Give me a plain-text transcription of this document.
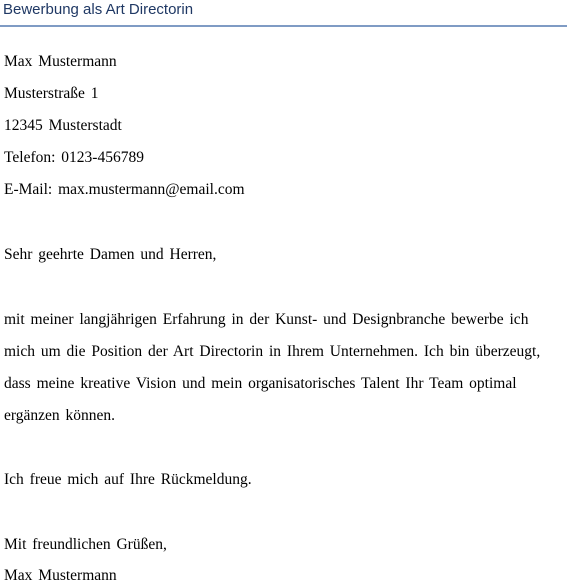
Bewerbung als Art Directorin
Max Mustermann
Musterstraße 1
12345 Musterstadt
Telefon: 0123-456789
E-Mail: max.mustermann@email.com
Sehr geehrte Damen und Herren,
mit meiner langjährigen Erfahrung in der Kunst- und Designbranche bewerbe ich
mich um die Position der Art Directorin in Ihrem Unternehmen. Ich bin überzeugt,
dass meine kreative Vision und mein organisatorisches Talent Ihr Team optimal
ergänzen können.
Ich freue mich auf Ihre Rückmeldung.
Mit freundlichen Grüßen,
Max Mustermann
